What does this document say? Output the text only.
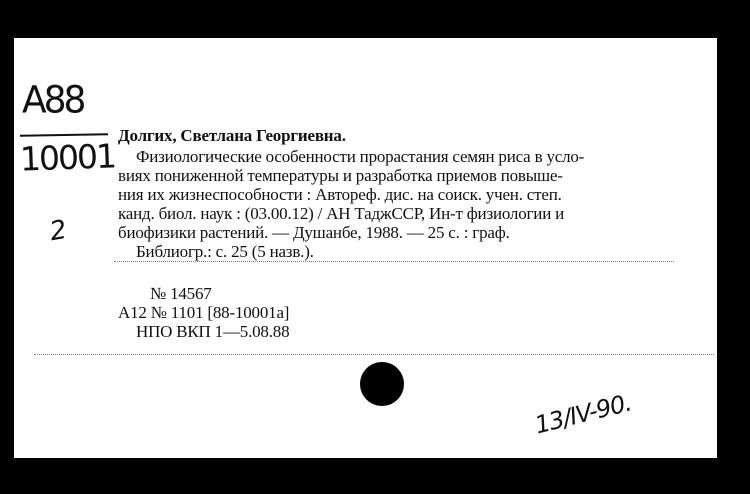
A88
10001
2
Долгих, Светлана Георгиевна.
Физиологические особенности прорастания семян риса в усло-
виях пониженной температуры и разработка приемов повыше-
ния их жизнеспособности : Автореф. дис. на соиск. учен. степ.
канд. биол. наук : (03.00.12) / АН ТаджССР, Ин-т физиологии и
биофизики растений. — Душанбе, 1988. — 25 с. : граф.
Библиогр.: с. 25 (5 назв.).
№ 14567
А12 № 1101 [88-10001а]
НПО ВКП 1—5.08.88
13/IV-90.
